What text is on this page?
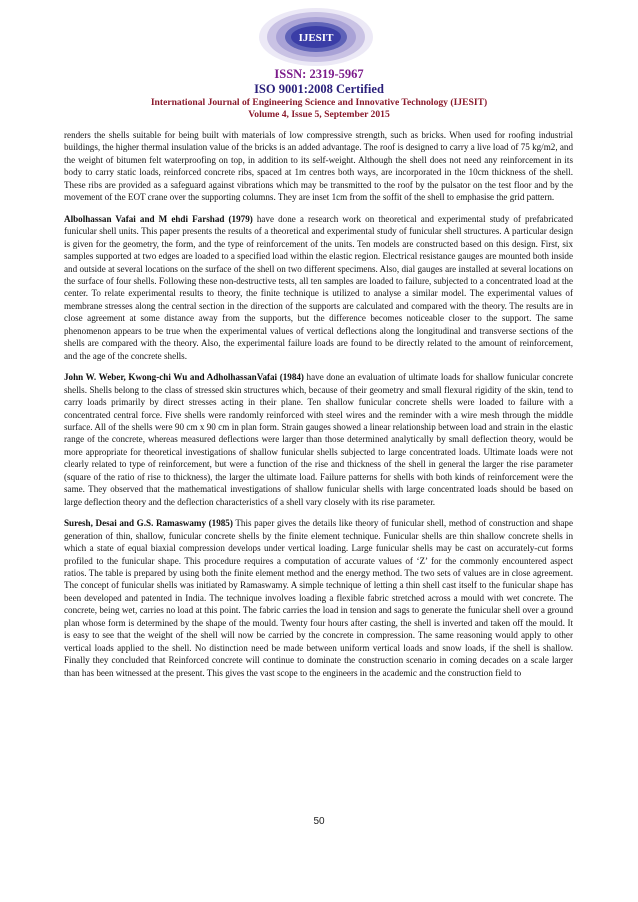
IJESIT
ISSN: 2319-5967
ISO 9001:2008 Certified
International Journal of Engineering Science and Innovative Technology (IJESIT)
Volume 4, Issue 5, September 2015

renders the shells suitable for being built with materials of low compressive strength, such as bricks. When used for roofing industrial buildings, the higher thermal insulation value of the bricks is an added advantage. The roof is designed to carry a live load of 75 kg/m2, and the weight of bitumen felt waterproofing on top, in addition to its self-weight. Although the shell does not need any reinforcement in its body to carry static loads, reinforced concrete ribs, spaced at 1m centres both ways, are incorporated in the 10cm thickness of the shell. These ribs are provided as a safeguard against vibrations which may be transmitted to the roof by the pulsator on the test floor and by the movement of the EOT crane over the supporting columns. They are inset 1cm from the soffit of the shell to emphasise the grid pattern.

Albolhassan Vafai and M ehdi Farshad (1979) have done a research work on theoretical and experimental study of prefabricated funicular shell units. This paper presents the results of a theoretical and experimental study of funicular shell structures. A particular design is given for the geometry, the form, and the type of reinforcement of the units. Ten models are constructed based on this design. First, six samples supported at two edges are loaded to a specified load within the elastic region. Electrical resistance gauges are mounted both inside and outside at several locations on the surface of the shell on two different specimens. Also, dial gauges are installed at several locations on the surface of four shells. Following these non-destructive tests, all ten samples are loaded to failure, subjected to a concentrated load at the center. To relate experimental results to theory, the finite technique is utilized to analyse a similar model. The experimental values of membrane stresses along the central section in the direction of the supports are calculated and compared with the theory. The results are in close agreement at some distance away from the supports, but the difference becomes noticeable closer to the support. The same phenomenon appears to be true when the experimental values of vertical deflections along the longitudinal and transverse sections of the shells are compared with the theory. Also, the experimental failure loads are found to be directly related to the amount of reinforcement, and the age of the concrete shells.

John W. Weber, Kwong-chi Wu and AdholhassanVafai (1984) have done an evaluation of ultimate loads for shallow funicular concrete shells. Shells belong to the class of stressed skin structures which, because of their geometry and small flexural rigidity of the skin, tend to carry loads primarily by direct stresses acting in their plane. Ten shallow funicular concrete shells were loaded to failure with a concentrated central force. Five shells were randomly reinforced with steel wires and the reminder with a wire mesh through the middle surface. All of the shells were 90 cm x 90 cm in plan form. Strain gauges showed a linear relationship between load and strain in the elastic range of the concrete, whereas measured deflections were larger than those determined analytically by small deflection theory, would be more appropriate for theoretical investigations of shallow funicular shells subjected to large concentrated loads. Ultimate loads were not clearly related to type of reinforcement, but were a function of the rise and thickness of the shell in general the larger the rise parameter (square of the ratio of rise to thickness), the larger the ultimate load. Failure patterns for shells with both kinds of reinforcement were the same. They observed that the mathematical investigations of shallow funicular shells with large concentrated loads should be based on large deflection theory and the deflection characteristics of a shell vary closely with its rise parameter.

Suresh, Desai and G.S. Ramaswamy (1985) This paper gives the details like theory of funicular shell, method of construction and shape generation of thin, shallow, funicular concrete shells by the finite element technique. Funicular shells are thin shallow concrete shells in which a state of equal biaxial compression develops under vertical loading. Large funicular shells may be cast on accurately-cut forms profiled to the funicular shape. This procedure requires a computation of accurate values of ‘Z’ for the commonly encountered aspect ratios. The table is prepared by using both the finite element method and the energy method. The two sets of values are in close agreement. The concept of funicular shells was initiated by Ramaswamy. A simple technique of letting a thin shell cast itself to the funicular shape has been developed and patented in India. The technique involves loading a flexible fabric stretched across a mould with wet concrete. The concrete, being wet, carries no load at this point. The fabric carries the load in tension and sags to generate the funicular shell over a ground plan whose form is determined by the shape of the mould. Twenty four hours after casting, the shell is inverted and taken off the mould. It is easy to see that the weight of the shell will now be carried by the concrete in compression. The same reasoning would apply to other vertical loads applied to the shell. No distinction need be made between uniform vertical loads and snow loads, if the shell is shallow. Finally they concluded that Reinforced concrete will continue to dominate the construction scenario in coming decades on a scale larger than has been witnessed at the present. This gives the vast scope to the engineers in the academic and the construction field to

50
